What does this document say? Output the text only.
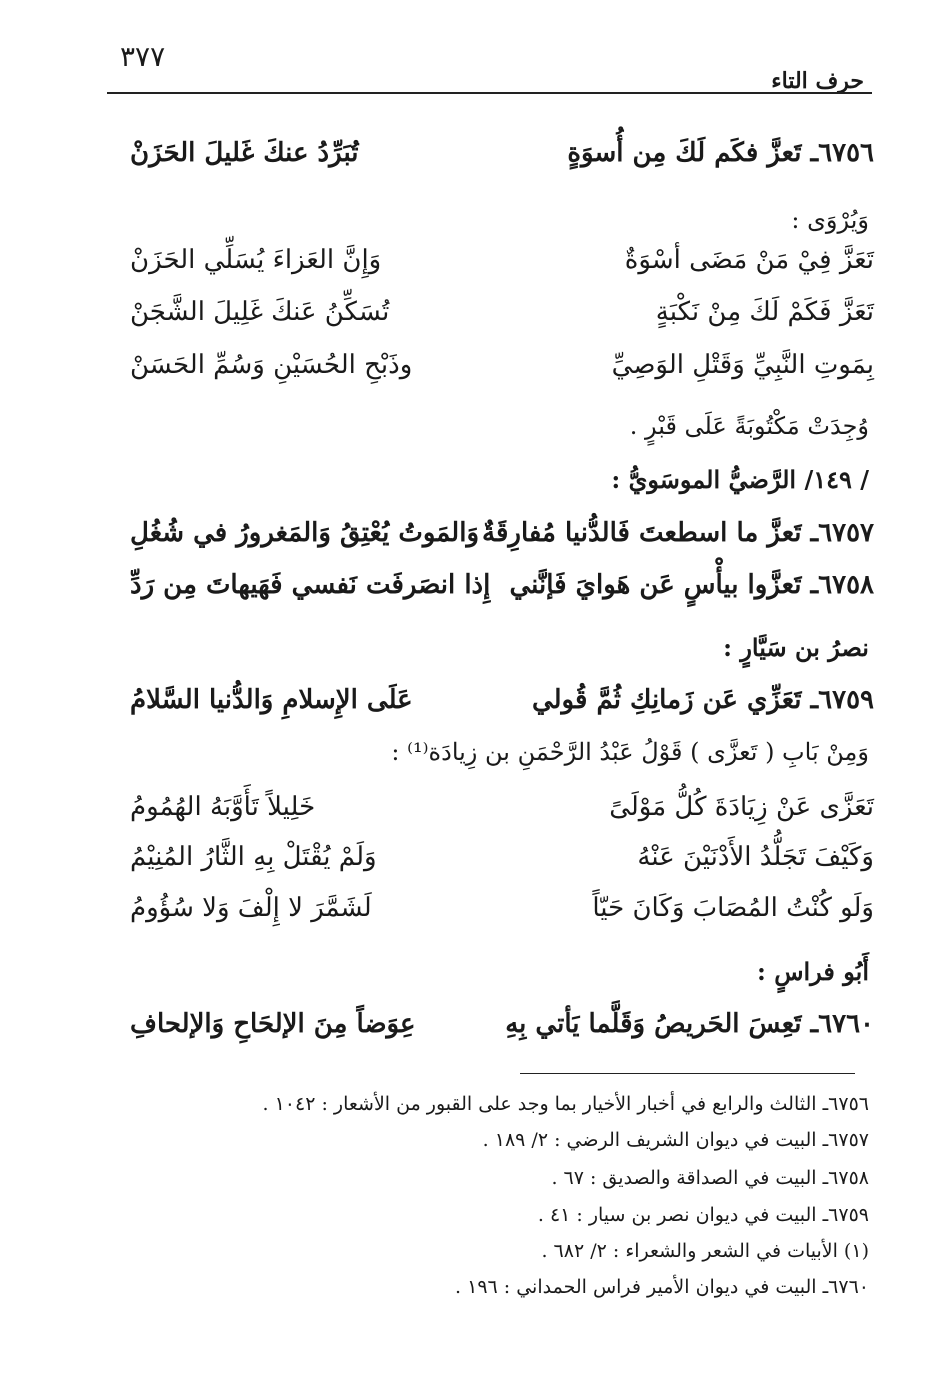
٣٧٧
حرف التاء
٦٧٥٦ـ تَعزَّ فكَم لَكَ مِن أُسوَةٍ
تُبَرِّدُ عنكَ غَليلَ الحَزَنْ
وَيُرْوَى :
تَعَزَّ فِيْ مَنْ مَضَى أسْوَةٌ
وَإِنَّ العَزاءَ يُسَلِّي الحَزَنْ
تَعَزَّ فَكَمْ لَكَ مِنْ نَكْبَةٍ
تُسَكِّنُ عَنكَ غَلِيلَ الشَّجَنْ
بِمَوتِ النَّبِيِّ وَقَتْلِ الوَصِيِّ
وذَبْحِ الحُسَيْنِ وَسُمِّ الحَسَنْ
وُجِدَتْ مَكْتُوبَةً عَلَى قَبْرٍ .
/ ١٤٩/ الرَّضيُّ الموسَويُّ :
٦٧٥٧ـ تَعزَّ ما اسطعتَ فَالدُّنيا مُفارِقَةٌ
وَالمَوتُ يُعْتِقُ وَالمَغرورُ في شُغُلِ
٦٧٥٨ـ تَعزَّوا بيأْسٍ عَن هَوايَ فَإنَّني
إِذا انصَرفَت نَفسي فَهَيهاتَ مِن رَدِّ
نصرُ بن سَيَّارٍ :
٦٧٥٩ـ تَعَزِّي عَن زَمانِكِ ثُمَّ قُولي
عَلَى الإِسلامِ وَالدُّنيا السَّلامُ
وَمِنْ بَابِ ( تَعزَّى ) قَوْلُ عَبْدُ الرَّحْمَنِ بن زِيادَة⁽¹⁾ :
تَعَزَّى عَنْ زِيَادَةَ كُلُّ مَوْلَىً
خَلِيلاً تَأَوَّبَهُ الهُمُومُ
وَكَيْفَ تَجَلُّدُ الأَدْنَيْنَ عَنْهُ
وَلَمْ يُقْتَلْ بِهِ الثَّارُ المُنِيْمُ
وَلَو كُنْتُ المُصَابَ وَكَانَ حَيّاً
لَشَمَّرَ لا إِلْفَ وَلا سُؤُومُ
أَبُو فراسٍ :
٦٧٦٠ـ تَعِسَ الحَريصُ وَقَلَّما يَأتي بِهِ
عِوَضاً مِنَ الإلحَاحِ وَالإلحافِ
٦٧٥٦ـ الثالث والرابع في أخبار الأخيار بما وجد على القبور من الأشعار : ١٠٤٢ .
٦٧٥٧ـ البيت في ديوان الشريف الرضي : ٢/ ١٨٩ .
٦٧٥٨ـ البيت في الصداقة والصديق : ٦٧ .
٦٧٥٩ـ البيت في ديوان نصر بن سيار : ٤١ .
(١) الأبيات في الشعر والشعراء : ٢/ ٦٨٢ .
٦٧٦٠ـ البيت في ديوان الأمير فراس الحمداني : ١٩٦ .
